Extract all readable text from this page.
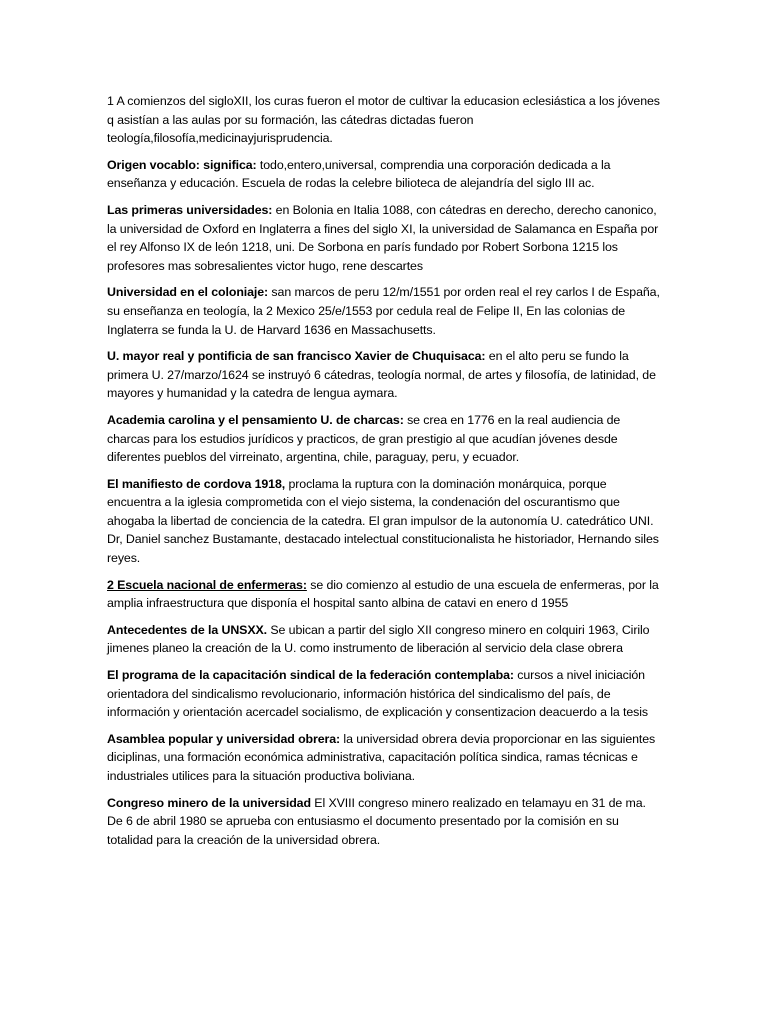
1 A comienzos del sigloXII, los curas fueron el motor de cultivar la educasion eclesiástica a los jóvenes q asistían a las aulas por su formación, las cátedras dictadas fueron teología,filosofía,medicinayjurisprudencia.

Origen vocablo: significa: todo,entero,universal, comprendia una corporación dedicada a la enseñanza y educación. Escuela de rodas la celebre bilioteca de alejandría del siglo III ac.

Las primeras universidades: en Bolonia en Italia 1088, con cátedras en derecho, derecho canonico, la universidad de Oxford en Inglaterra a fines del siglo XI, la universidad de Salamanca en España por el rey Alfonso IX de león 1218, uni. De Sorbona en parís fundado por Robert Sorbona 1215 los profesores mas sobresalientes victor hugo, rene descartes

Universidad en el coloniaje: san marcos de peru 12/m/1551 por orden real el rey carlos I de España, su enseñanza en teología, la 2 Mexico 25/e/1553 por cedula real de Felipe II, En las colonias de Inglaterra se funda la U. de Harvard 1636 en Massachusetts.

U. mayor real y pontificia de san francisco Xavier de Chuquisaca: en el alto peru se fundo la primera U. 27/marzo/1624 se instruyó 6 cátedras, teología normal, de artes y filosofía, de latinidad, de mayores y humanidad y la catedra de lengua aymara.

Academia carolina y el pensamiento U. de charcas: se crea en 1776 en la real audiencia de charcas para los estudios jurídicos y practicos, de gran prestigio al que acudían jóvenes desde diferentes pueblos del virreinato, argentina, chile, paraguay, peru, y ecuador.

El manifiesto de cordova 1918, proclama la ruptura con la dominación monárquica, porque encuentra a la iglesia comprometida con el viejo sistema, la condenación del oscurantismo que ahogaba la libertad de conciencia de la catedra. El gran impulsor de la autonomía U. catedrático UNI. Dr, Daniel sanchez Bustamante, destacado intelectual constitucionalista he historiador, Hernando siles reyes.

2 Escuela nacional de enfermeras: se dio comienzo al estudio de una escuela de enfermeras, por la amplia infraestructura que disponía el hospital santo albina de catavi en enero d 1955

Antecedentes de la UNSXX. Se ubican a partir del siglo XII congreso minero en colquiri 1963, Cirilo jimenes planeo la creación de la U. como instrumento de liberación al servicio dela clase obrera

El programa de la capacitación sindical de la federación contemplaba: cursos a nivel iniciación orientadora del sindicalismo revolucionario, información histórica del sindicalismo del país, de información y orientación acercadel socialismo, de explicación y consentizacion deacuerdo a la tesis

Asamblea popular y universidad obrera: la universidad obrera devia proporcionar en las siguientes diciplinas, una formación económica administrativa, capacitación política sindica, ramas técnicas e industriales utilices para la situación productiva boliviana.

Congreso minero de la universidad El XVIII congreso minero realizado en telamayu en 31 de ma. De 6 de abril 1980 se aprueba con entusiasmo el documento presentado por la comisión en su totalidad para la creación de la universidad obrera.
